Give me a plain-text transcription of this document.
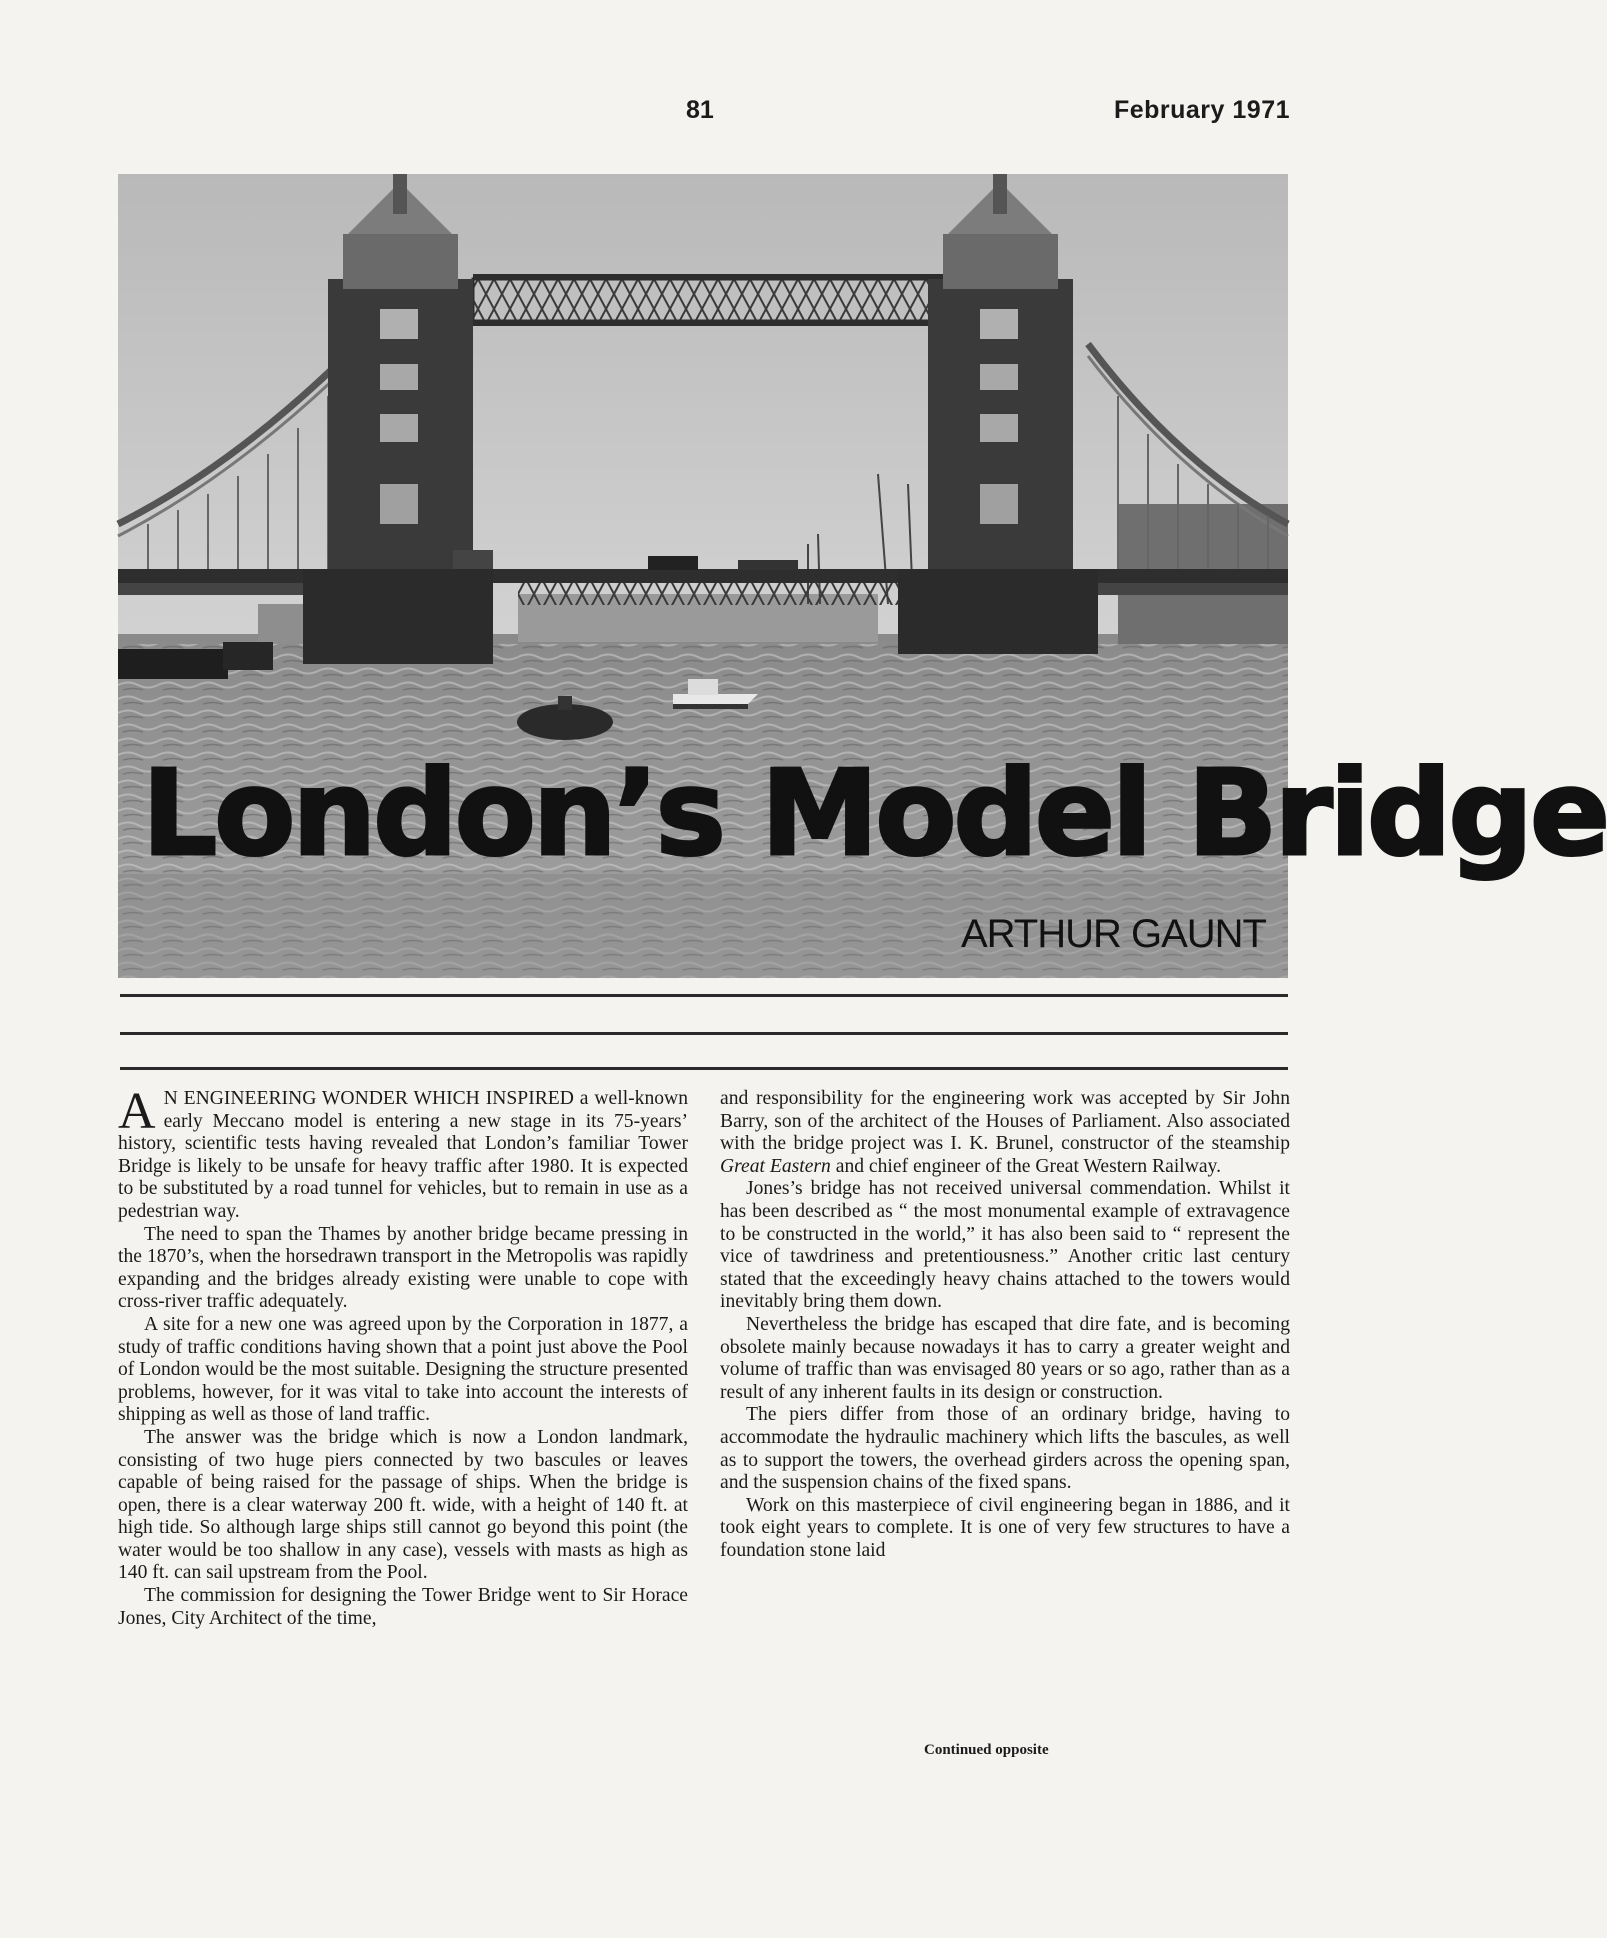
81	February 1971
London’s Model Bridge
ARTHUR GAUNT

A N ENGINEERING WONDER WHICH INSPIRED a well-known early Meccano model is entering a new stage in its 75-years’ history, scientific tests having revealed that London’s familiar Tower Bridge is likely to be unsafe for heavy traffic after 1980. It is expected to be substituted by a road tunnel for vehicles, but to remain in use as a pedestrian way.

The need to span the Thames by another bridge became pressing in the 1870’s, when the horsedrawn transport in the Metropolis was rapidly expanding and the bridges already existing were unable to cope with cross-river traffic adequately.

A site for a new one was agreed upon by the Corporation in 1877, a study of traffic conditions having shown that a point just above the Pool of London would be the most suitable. Designing the structure presented problems, however, for it was vital to take into account the interests of shipping as well as those of land traffic.

The answer was the bridge which is now a London landmark, consisting of two huge piers connected by two bascules or leaves capable of being raised for the passage of ships. When the bridge is open, there is a clear waterway 200 ft. wide, with a height of 140 ft. at high tide. So although large ships still cannot go beyond this point (the water would be too shallow in any case), vessels with masts as high as 140 ft. can sail upstream from the Pool.

The commission for designing the Tower Bridge went to Sir Horace Jones, City Architect of the time,

and responsibility for the engineering work was accepted by Sir John Barry, son of the architect of the Houses of Parliament. Also associated with the bridge project was I. K. Brunel, constructor of the steamship Great Eastern and chief engineer of the Great Western Railway.

Jones’s bridge has not received universal commendation. Whilst it has been described as “ the most monumental example of extravagence to be constructed in the world,” it has also been said to “ represent the vice of tawdriness and pretentiousness.” Another critic last century stated that the exceedingly heavy chains attached to the towers would inevitably bring them down.

Nevertheless the bridge has escaped that dire fate, and is becoming obsolete mainly because nowadays it has to carry a greater weight and volume of traffic than was envisaged 80 years or so ago, rather than as a result of any inherent faults in its design or construction.

The piers differ from those of an ordinary bridge, having to accommodate the hydraulic machinery which lifts the bascules, as well as to support the towers, the overhead girders across the opening span, and the suspension chains of the fixed spans.

Work on this masterpiece of civil engineering began in 1886, and it took eight years to complete. It is one of very few structures to have a foundation stone laid

Continued opposite
